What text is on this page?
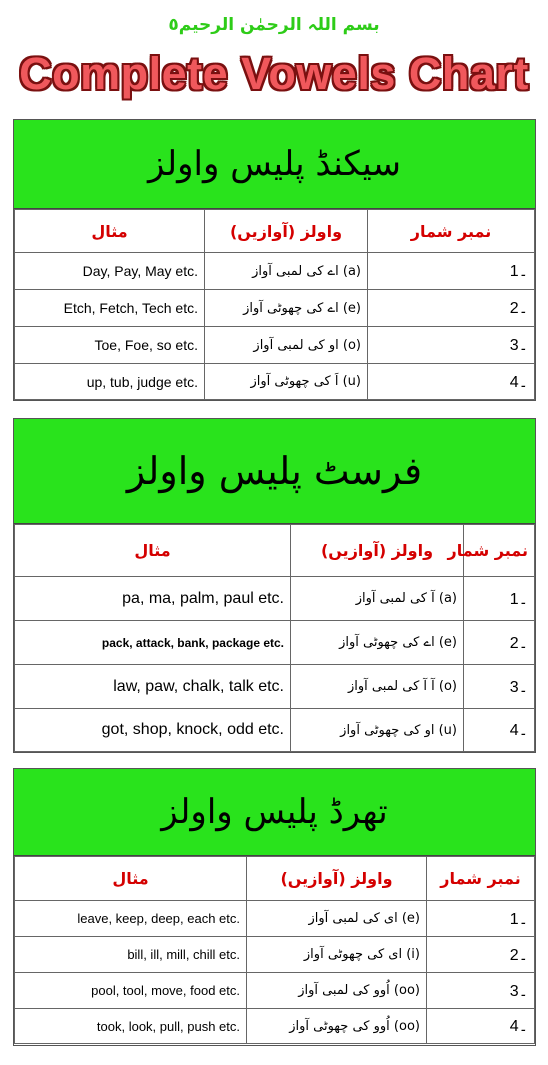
بسم اللہ الرحمٰن الرحیم٥
Complete Vowels Chart
سیکنڈ پلیس واولز
مثال	واولز (آوازیں)	نمبر شمار
Day, Pay, May etc.	(a) اے کی لمبی آواز	1۔
Etch, Fetch, Tech etc.	(e) اے کی چھوٹی آواز	2۔
Toe, Foe, so etc.	(o) او کی لمبی آواز	3۔
up, tub, judge etc.	(u) اَ کی چھوٹی آواز	4۔
فرسٹ پلیس واولز
مثال	واولز (آوازیں)	نمبر شمار
pa, ma, palm, paul etc.	(a) آ کی لمبی آواز	1۔
pack, attack, bank, package etc.	(e) اے کی چھوٹی آواز	2۔
law, paw, chalk, talk etc.	(o) آ آ کی لمبی آواز	3۔
got, shop, knock, odd etc.	(u) او کی چھوٹی آواز	4۔
تھرڈ پلیس واولز
مثال	واولز (آوازیں)	نمبر شمار
leave, keep, deep, each etc.	(e) ای کی لمبی آواز	1۔
bill, ill, mill, chill etc.	(i) ای کی چھوٹی آواز	2۔
pool, tool, move, food etc.	(oo) اُوو کی لمبی آواز	3۔
took, look, pull, push etc.	(oo) اُوو کی چھوٹی آواز	4۔
